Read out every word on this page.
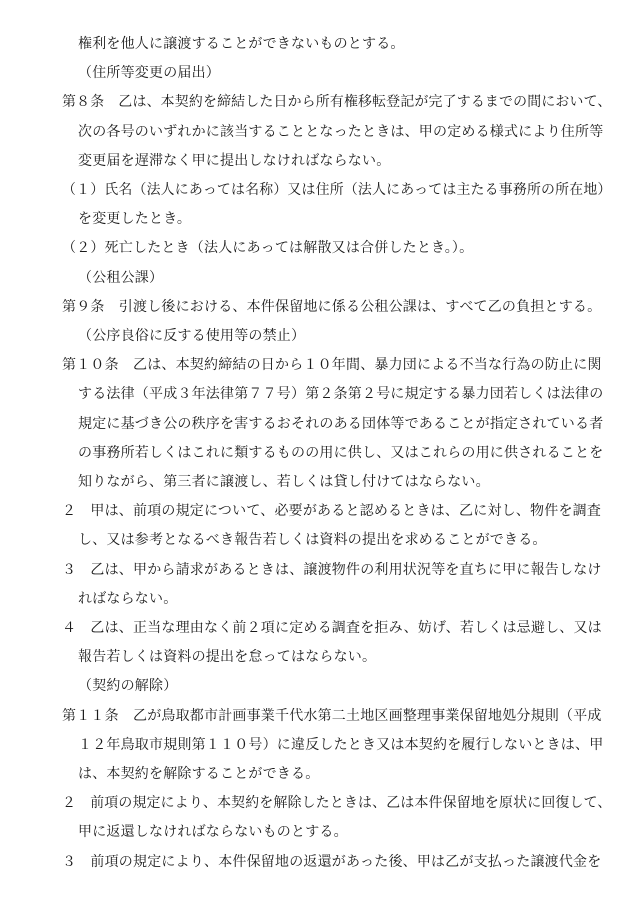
権利を他人に譲渡することができないものとする。
（住所等変更の届出）
第８条　乙は、本契約を締結した日から所有権移転登記が完了するまでの間において、
次の各号のいずれかに該当することとなったときは、甲の定める様式により住所等
変更届を遅滞なく甲に提出しなければならない。
（１）氏名（法人にあっては名称）又は住所（法人にあっては主たる事務所の所在地）
を変更したとき。
（２）死亡したとき（法人にあっては解散又は合併したとき。）。
（公租公課）
第９条　引渡し後における、本件保留地に係る公租公課は、すべて乙の負担とする。
（公序良俗に反する使用等の禁止）
第１０条　乙は、本契約締結の日から１０年間、暴力団による不当な行為の防止に関
する法律（平成３年法律第７７号）第２条第２号に規定する暴力団若しくは法律の
規定に基づき公の秩序を害するおそれのある団体等であることが指定されている者
の事務所若しくはこれに類するものの用に供し、又はこれらの用に供されることを
知りながら、第三者に譲渡し、若しくは貸し付けてはならない。
２　甲は、前項の規定について、必要があると認めるときは、乙に対し、物件を調査
し、又は参考となるべき報告若しくは資料の提出を求めることができる。
３　乙は、甲から請求があるときは、譲渡物件の利用状況等を直ちに甲に報告しなけ
ればならない。
４　乙は、正当な理由なく前２項に定める調査を拒み、妨げ、若しくは忌避し、又は
報告若しくは資料の提出を怠ってはならない。
（契約の解除）
第１１条　乙が鳥取都市計画事業千代水第二土地区画整理事業保留地処分規則（平成
１２年鳥取市規則第１１０号）に違反したとき又は本契約を履行しないときは、甲
は、本契約を解除することができる。
２　前項の規定により、本契約を解除したときは、乙は本件保留地を原状に回復して、
甲に返還しなければならないものとする。
３　前項の規定により、本件保留地の返還があった後、甲は乙が支払った譲渡代金を
